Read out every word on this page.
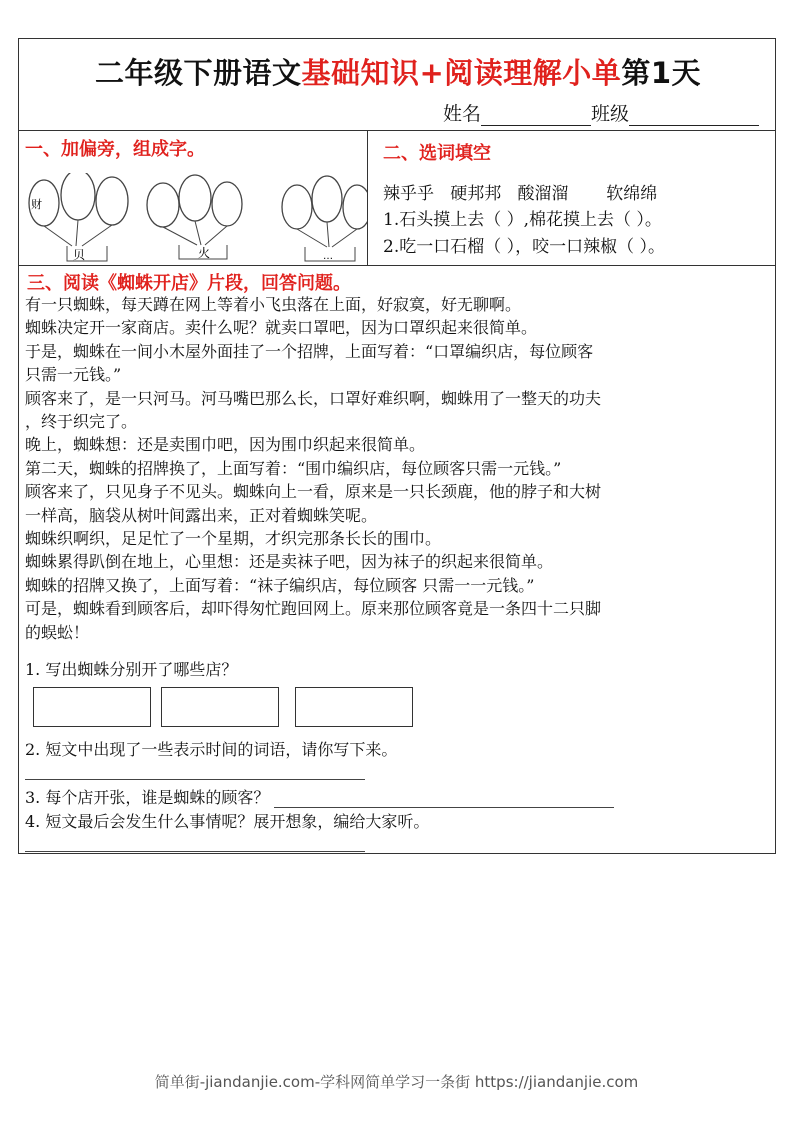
二年级下册语文基础知识+阅读理解小单第1天
姓名	班级
一、加偏旁，组成字。
财
贝	火	…
二、选词填空
辣乎乎 硬邦邦 酸溜溜 软绵绵
1.石头摸上去（ ）,棉花摸上去（ ）。
2.吃一口石榴（ ），咬一口辣椒（ ）。
三、阅读《蜘蛛开店》片段，回答问题。

有一只蜘蛛，每天蹲在网上等着小飞虫落在上面，好寂寞，好无聊啊。

蜘蛛决定开一家商店。卖什么呢？就卖口罩吧，因为口罩织起来很简单。

于是，蜘蛛在一间小木屋外面挂了一个招牌，上面写着：“口罩编织店，每位顾客

只需一元钱。”

顾客来了，是一只河马。河马嘴巴那么长，口罩好难织啊，蜘蛛用了一整天的功夫

，终于织完了。

晚上，蜘蛛想：还是卖围巾吧，因为围巾织起来很简单。

第二天，蜘蛛的招牌换了，上面写着：“围巾编织店，每位顾客只需一元钱。”

顾客来了，只见身子不见头。蜘蛛向上一看，原来是一只长颈鹿，他的脖子和大树

一样高，脑袋从树叶间露出来，正对着蜘蛛笑呢。

蜘蛛织啊织，足足忙了一个星期，才织完那条长长的围巾。

蜘蛛累得趴倒在地上，心里想：还是卖袜子吧，因为袜子的织起来很简单。

蜘蛛的招牌又换了，上面写着：“袜子编织店，每位顾客 只需一一元钱。”

可是，蜘蛛看到顾客后，却吓得匆忙跑回网上。原来那位顾客竟是一条四十二只脚

的蜈蚣！

1. 写出蜘蛛分别开了哪些店？
2. 短文中出现了一些表示时间的词语，请你写下来。
3. 每个店开张，谁是蜘蛛的顾客？
4. 短文最后会发生什么事情呢？展开想象，编给大家听。
简单街-jiandanjie.com-学科网简单学习一条街 https://jiandanjie.com
